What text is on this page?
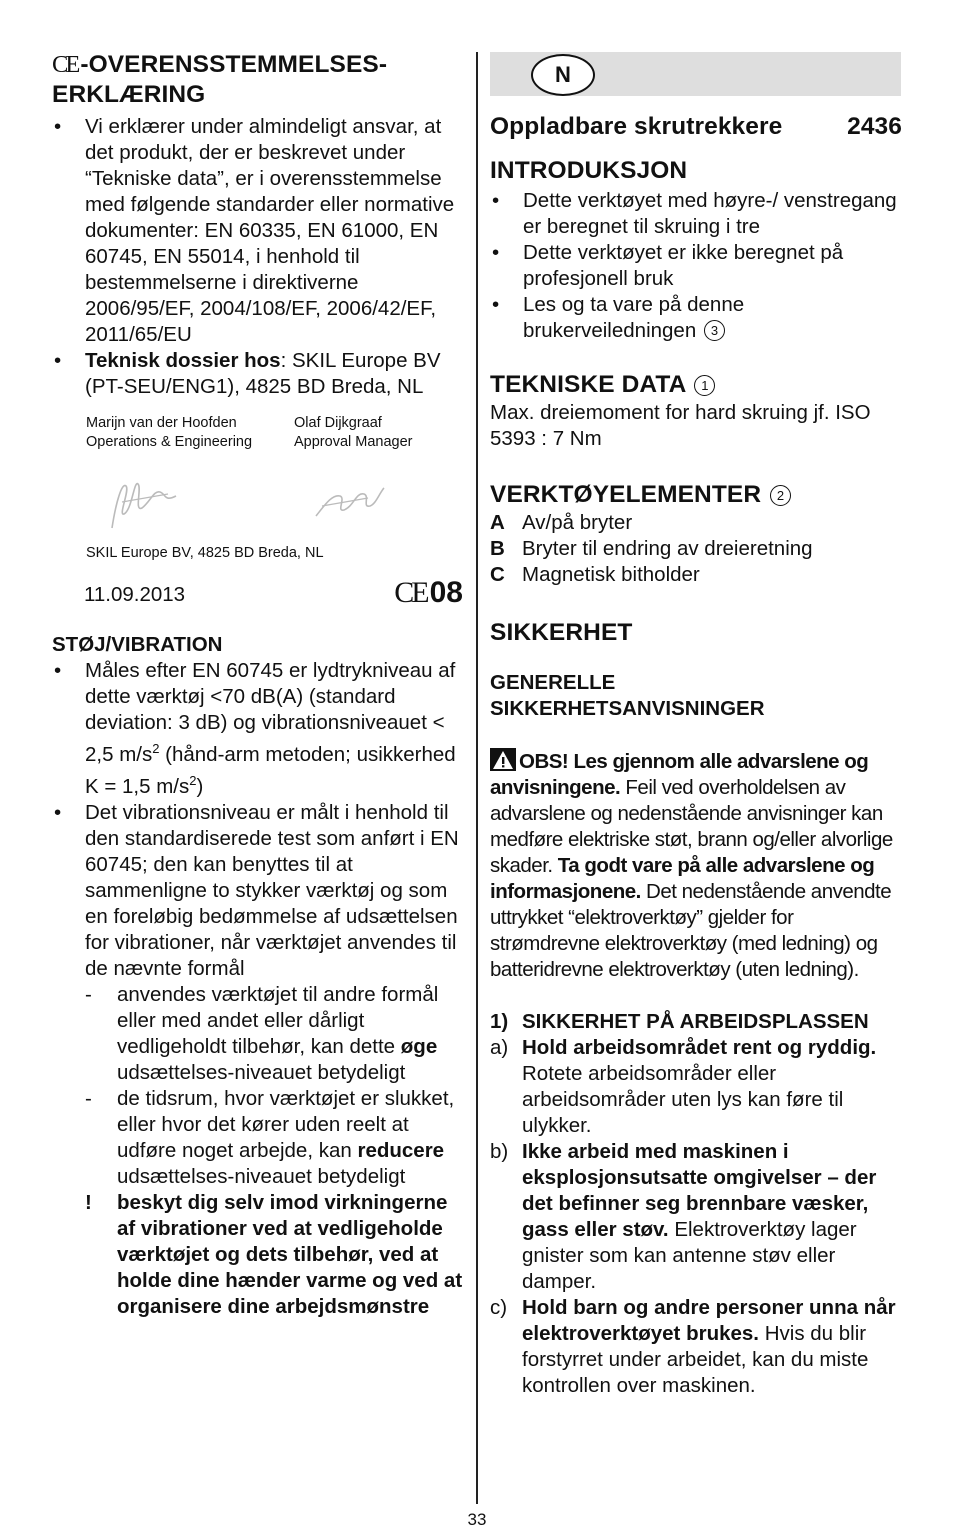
CE -OVERENSSTEMMELSES-
ERKLÆRING
• Vi erklærer under almindeligt ansvar, at det produkt, der er beskrevet under “Tekniske data”, er i overensstemmelse med følgende standarder eller normative dokumenter: EN 60335, EN 61000, EN 60745, EN 55014, i henhold til bestemmelserne i direktiverne 2006/95/EF, 2004/108/EF, 2006/42/EF, 2011/65/EU
• Teknisk dossier hos: SKIL Europe BV (PT-SEU/ENG1), 4825 BD Breda, NL
Marijn van der Hoofden
Operations & Engineering
Olaf Dijkgraaf
Approval Manager
SKIL Europe BV, 4825 BD Breda, NL
11.09.2013	CE 08
STØJ/VIBRATION
• Måles efter EN 60745 er lydtrykniveau af dette værktøj <70 dB(A) (standard deviation: 3 dB) og vibrationsniveauet < 2,5 $m/s^2$ (hånd-arm metoden; usikkerhed K = 1,5 $m/s^2$)
• Det vibrationsniveau er målt i henhold til den standardiserede test som anført i EN 60745; den kan benyttes til at sammenligne to stykker værktøj og som en foreløbig bedømmelse af udsættelsen for vibrationer, når værktøjet anvendes til de nævnte formål
- anvendes værktøjet til andre formål eller med andet eller dårligt vedligeholdt tilbehør, kan dette øge udsættelses-niveauet betydeligt
- de tidsrum, hvor værktøjet er slukket, eller hvor det kører uden reelt at udføre noget arbejde, kan reducere udsættelses-niveauet betydeligt
! beskyt dig selv imod virkningerne af vibrationer ved at vedligeholde værktøjet og dets tilbehør, ved at holde dine hænder varme og ved at organisere dine arbejdsmønstre
N
Oppladbare skrutrekkere	2436
INTRODUKSJON
• Dette verktøyet med høyre-/ venstregang er beregnet til skruing i tre
• Dette verktøyet er ikke beregnet på profesjonell bruk
• Les og ta vare på denne brukerveiledningen 3
TEKNISKE DATA 1

Max. dreiemoment for hard skruing jf. ISO 5393 : 7 Nm

VERKTØYELEMENTER 2
A Av/på bryter
B Bryter til endring av dreieretning
C Magnetisk bitholder
SIKKERHET
GENERELLE
SIKKERHETSANVISNINGER

OBS! Les gjennom alle advarslene og anvisningene. Feil ved overholdelsen av advarslene og nedenstående anvisninger kan medføre elektriske støt, brann og/eller alvorlige skader. Ta godt vare på alle advarslene og informasjonene. Det nedenstående anvendte uttrykket “elektroverktøy” gjelder for strømdrevne elektroverktøy (med ledning) og batteridrevne elektroverktøy (uten ledning).

1) SIKKERHET PÅ ARBEIDSPLASSEN
a) Hold arbeidsområdet rent og ryddig. Rotete arbeidsområder eller arbeidsområder uten lys kan føre til ulykker.
b) Ikke arbeid med maskinen i eksplosjonsutsatte omgivelser – der det befinner seg brennbare væsker, gass eller støv. Elektroverktøy lager gnister som kan antenne støv eller damper.
c) Hold barn og andre personer unna når elektroverktøyet brukes. Hvis du blir forstyrret under arbeidet, kan du miste kontrollen over maskinen.
33
